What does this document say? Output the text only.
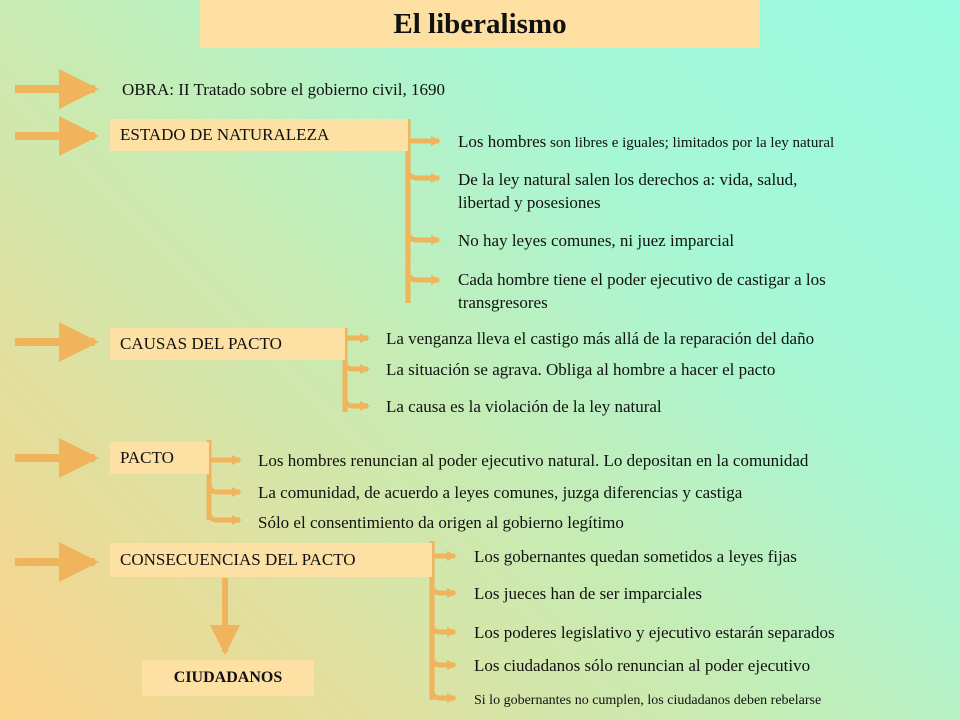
El liberalismo
OBRA: II Tratado sobre el gobierno civil, 1690
ESTADO DE NATURALEZA	Los hombres son libres e iguales; limitados por la ley natural
De la ley natural salen los derechos a: vida, salud,
libertad y posesiones
No hay leyes comunes, ni juez imparcial
Cada hombre tiene el poder ejecutivo de castigar a los
transgresores
CAUSAS DEL PACTO	La venganza lleva el castigo más allá de la reparación del daño
La situación se agrava. Obliga al hombre a hacer el pacto
La causa es la violación de la ley natural
PACTO	Los hombres renuncian al poder ejecutivo natural. Lo depositan en la comunidad
La comunidad, de acuerdo a leyes comunes, juzga diferencias y castiga
Sólo el consentimiento da origen al gobierno legítimo
CONSECUENCIAS DEL PACTO	Los gobernantes quedan sometidos a leyes fijas
Los jueces han de ser imparciales
Los poderes legislativo y ejecutivo estarán separados
Los ciudadanos sólo renuncian al poder ejecutivo
Si lo gobernantes no cumplen, los ciudadanos deben rebelarse
CIUDADANOS
